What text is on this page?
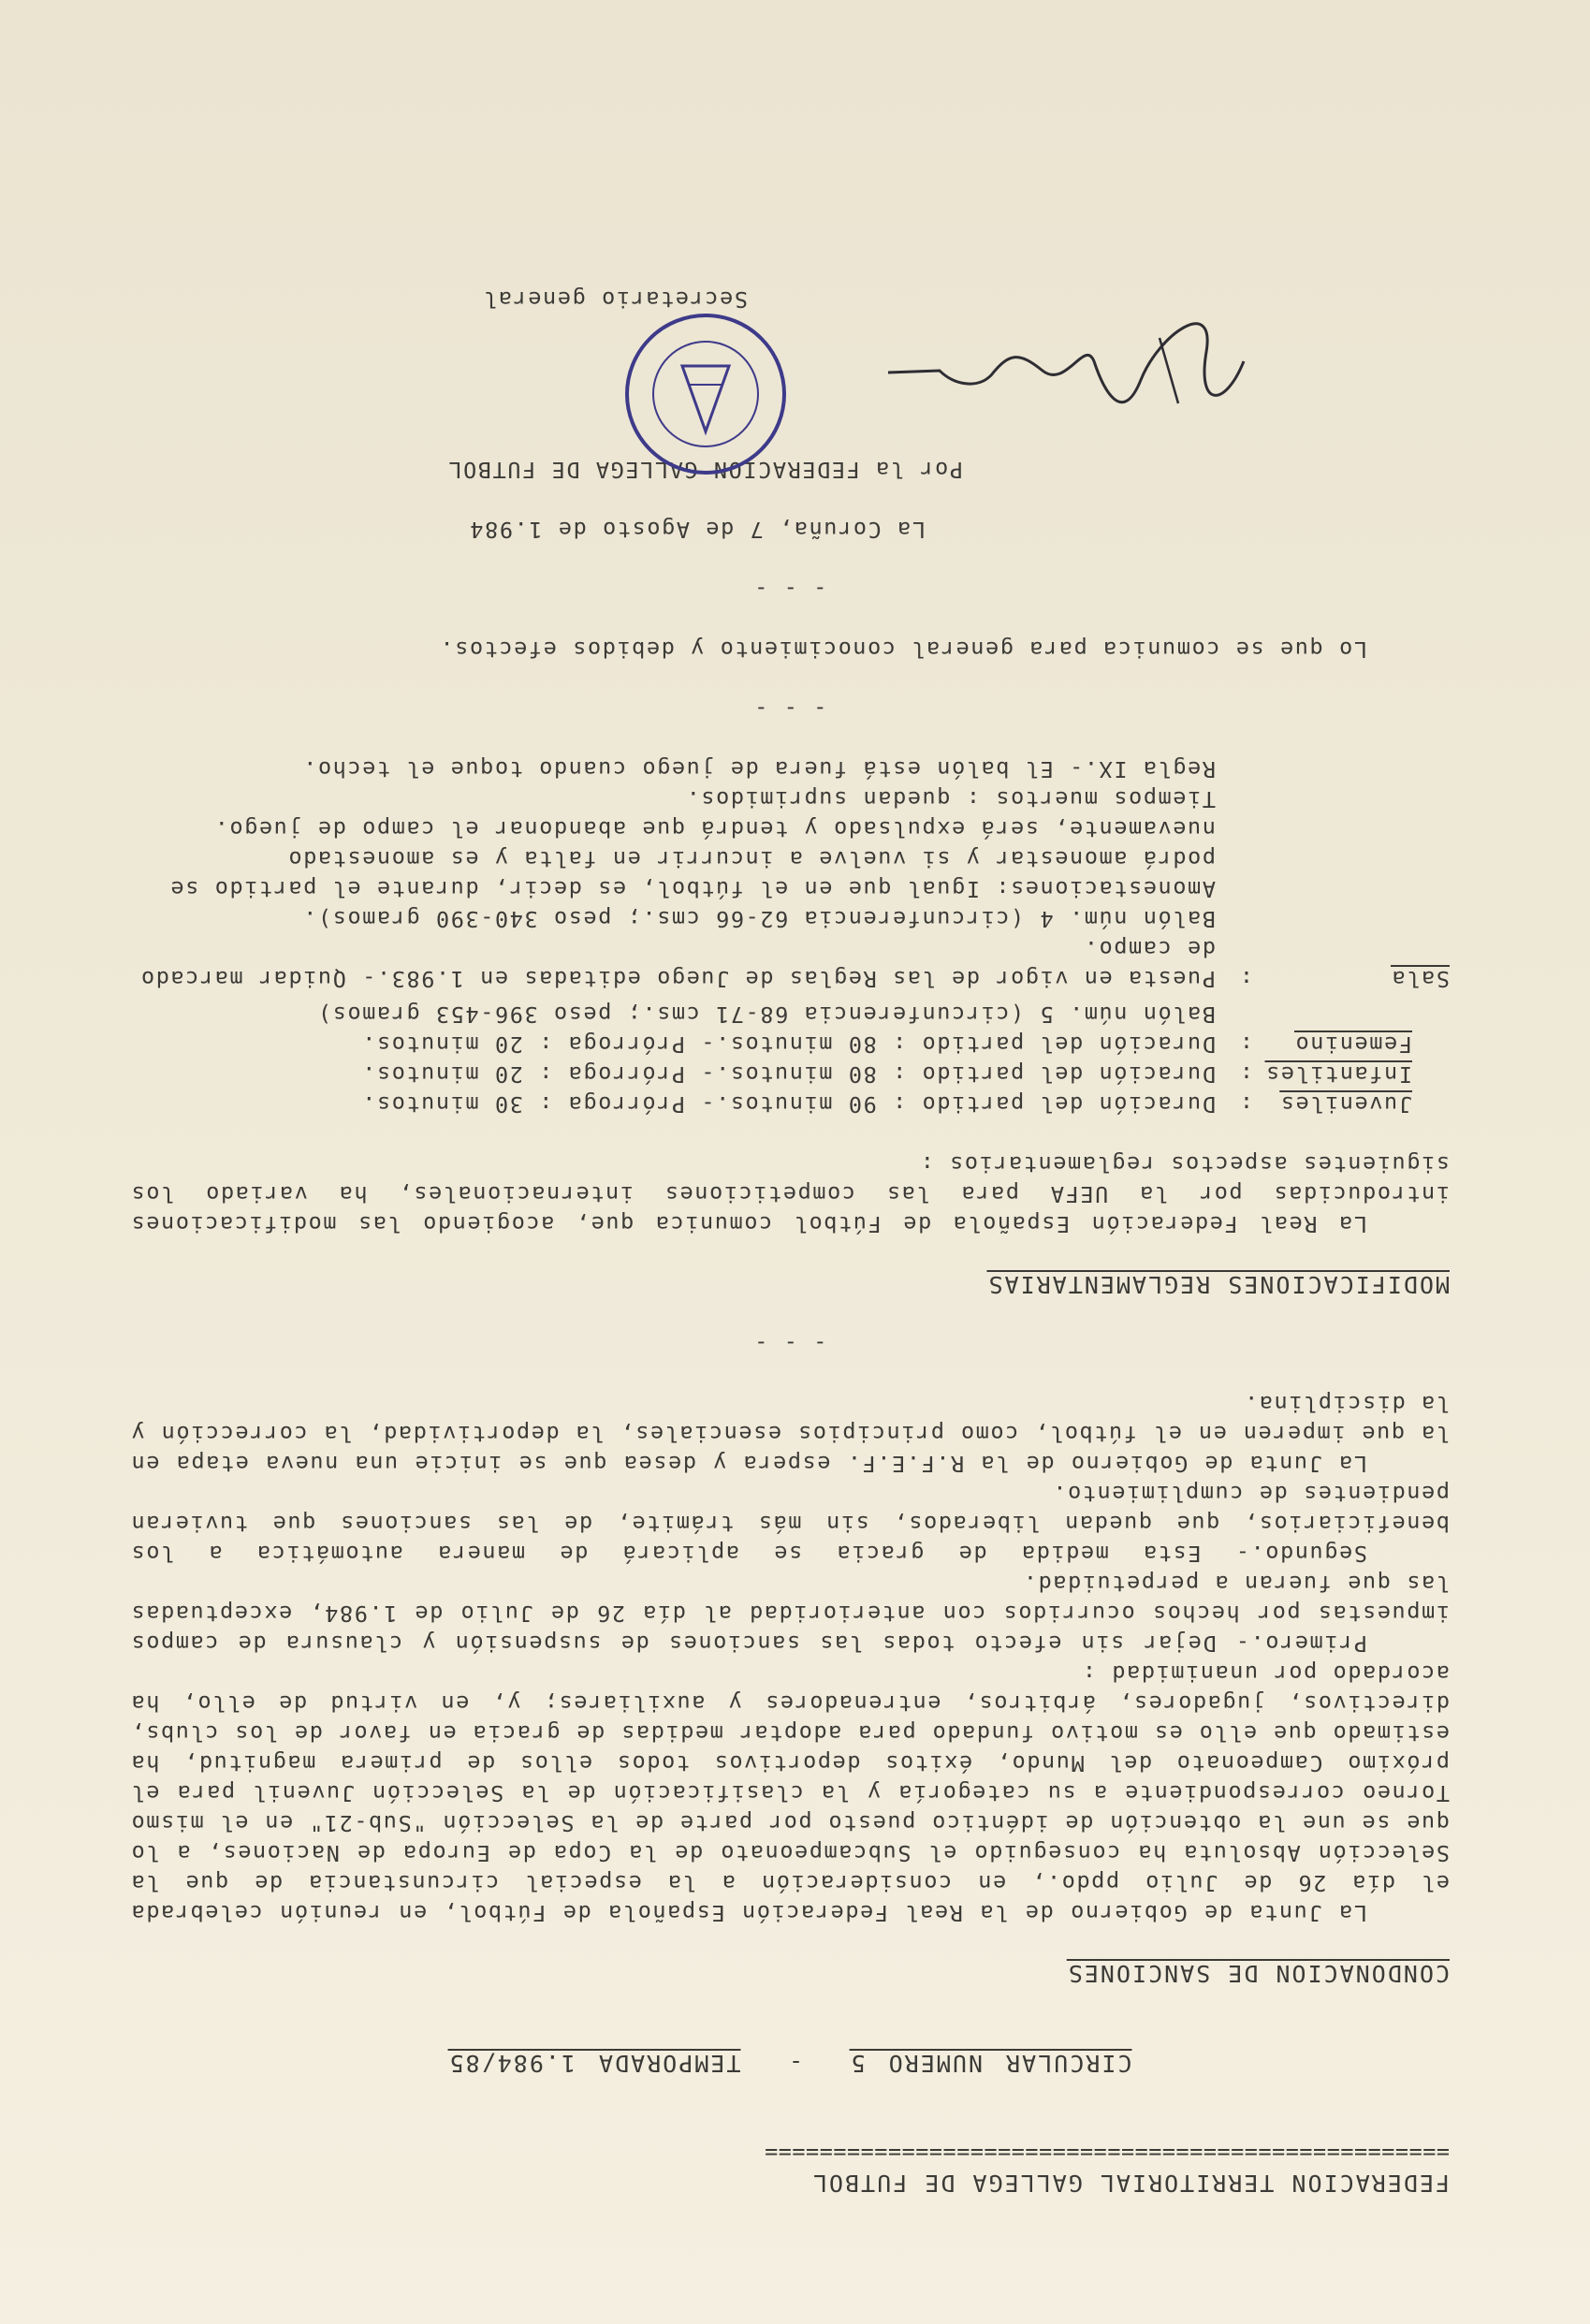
FEDERACION TERRITORIAL GALLEGA DE FUTBOL
==================================================
CIRCULAR NUMERO 5 - TEMPORADA 1.984/85
CONDONACION DE SANCIONES

La Junta de Gobierno de la Real Federación Española de Fútbol, en reunión celebrada el día 26 de Julio ppdo., en consideración a la especial circunstancia de que la Selección Absoluta ha conseguido el Subcampeonato de la Copa de Europa de Naciones, a lo que se une la obtención de idéntico puesto por parte de la Selección "Sub-21" en el mismo Torneo correspondiente a su categoría y la clasificación de la Selección Juvenil para el próximo Campeonato del Mundo, éxitos deportivos todos ellos de primera magnitud, ha estimado que ello es motivo fundado para adoptar medidas de gracia en favor de los clubs, directivos, jugadores, árbitros, entrenadores y auxiliares; y, en virtud de ello, ha acordado por unanimidad :

Primero.- Dejar sin efecto todas las sanciones de suspensión y clausura de campos impuestas por hechos ocurridos con anterioridad al día 26 de Julio de 1.984, exceptuadas las que fueran a perpetuidad.

Segundo.- Esta medida de gracia se aplicará de manera automática a los beneficiarios, que quedan liberados, sin más trámite, de las sanciones que tuvieran pendientes de cumplimiento.

La Junta de Gobierno de la R.F.E.F. espera y desea que se inicie una nueva etapa en la que imperen en el fútbol, como principios esenciales, la deportividad, la corrección y la disciplina.

- - -
MODIFICACIONES REGLAMENTARIAS

La Real Federación Española de Fútbol comunica que, acogiendo las modificaciones introducidas por la UEFA para las competiciones internacionales, ha variado los siguientes aspectos reglamentarios :

Juveniles
:
Duración del partido : 90 minutos.- Prórroga : 30 minutos.
Infantiles
:
Duración del partido : 80 minutos.- Prórroga : 20 minutos.
Femenino
:
Duración del partido : 80 minutos.- Prórroga : 20 minutos.
Balón núm. 5 (circunferencia 68-71 cms.; peso 396-453 gramos)
Sala
:
Puesta en vigor de las Reglas de Juego editadas en 1.983.- Quidar marcado de campo.
Balón núm. 4 (circunferencia 62-66 cms.; peso 340-390 gramos).
Amonestaciones: Igual que en el fútbol, es decir, durante el partido se podrá amonestar y si vuelve a incurrir en falta y es amonestado nuevamente, será expulsado y tendrá que abandonar el campo de juego.
Tiempos muertos : quedan suprimidos.
Regla IX.- El balón está fuera de juego cuando toque el techo.
- - -

Lo que se comunica para general conocimiento y debidos efectos.

- - -
La Coruña, 7 de Agosto de 1.984
Por la FEDERACION GALLEGA DE FUTBOL
Secretario general
